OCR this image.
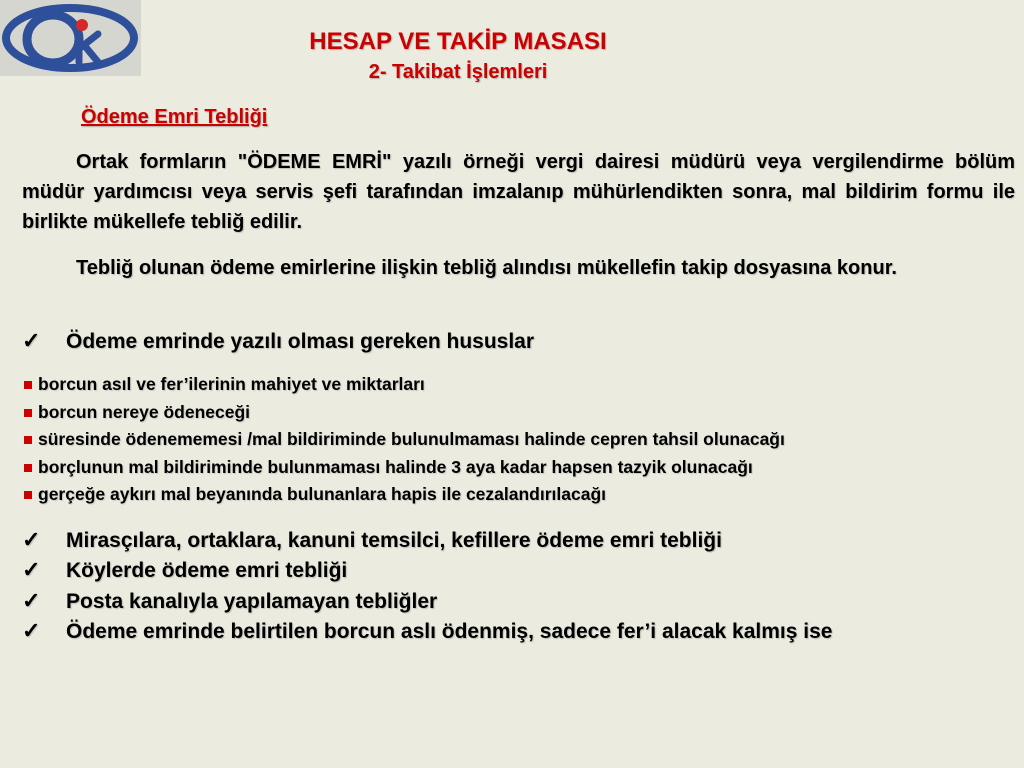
HESAP VE TAKİP MASASI
2- Takibat İşlemleri
Ödeme Emri Tebliği
Ortak formların "ÖDEME EMRİ" yazılı örneği vergi dairesi müdürü veya vergilendirme bölüm müdür yardımcısı veya servis şefi tarafından imzalanıp mühürlendikten sonra, mal bildirim formu ile birlikte mükellefe tebliğ edilir.
Tebliğ olunan ödeme emirlerine ilişkin tebliğ alındısı mükellefin takip dosyasına konur.
✓ Ödeme emrinde yazılı olması gereken hususlar
borcun asıl ve fer’ilerinin mahiyet ve miktarları
borcun nereye ödeneceği
süresinde ödenememesi /mal bildiriminde bulunulmaması halinde cepren tahsil olunacağı
borçlunun mal bildiriminde bulunmaması halinde 3 aya kadar hapsen tazyik olunacağı
gerçeğe aykırı mal beyanında bulunanlara hapis ile cezalandırılacağı
✓ Mirasçılara, ortaklara, kanuni temsilci, kefillere ödeme emri tebliği
✓ Köylerde ödeme emri tebliği
✓ Posta kanalıyla yapılamayan tebliğler
✓ Ödeme emrinde belirtilen borcun aslı ödenmiş, sadece fer’i alacak kalmış ise
